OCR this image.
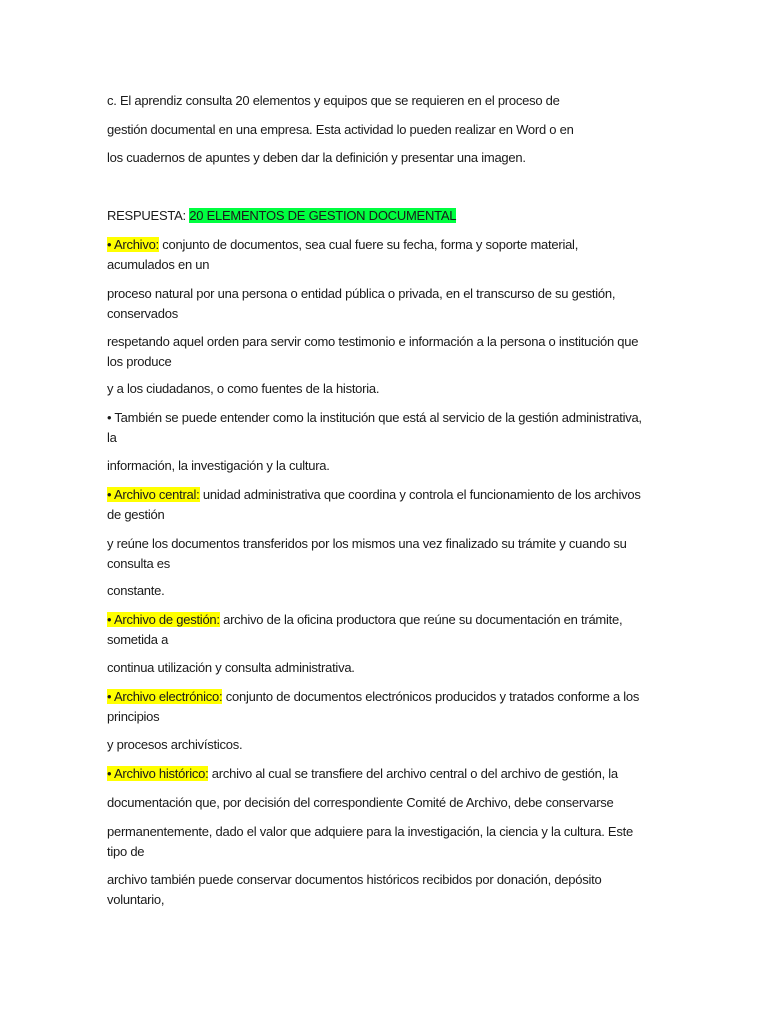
c. El aprendiz consulta 20 elementos y equipos que se requieren en el proceso de
gestión documental en una empresa. Esta actividad lo pueden realizar en Word o en
los cuadernos de apuntes y deben dar la definición y presentar una imagen.
RESPUESTA: 20 ELEMENTOS DE GESTION DOCUMENTAL
• Archivo: conjunto de documentos, sea cual fuere su fecha, forma y soporte material,
acumulados en un
proceso natural por una persona o entidad pública o privada, en el transcurso de su gestión,
conservados
respetando aquel orden para servir como testimonio e información a la persona o institución que
los produce
y a los ciudadanos, o como fuentes de la historia.
• También se puede entender como la institución que está al servicio de la gestión administrativa,
la
información, la investigación y la cultura.
• Archivo central: unidad administrativa que coordina y controla el funcionamiento de los archivos
de gestión
y reúne los documentos transferidos por los mismos una vez finalizado su trámite y cuando su
consulta es
constante.
• Archivo de gestión: archivo de la oficina productora que reúne su documentación en trámite,
sometida a
continua utilización y consulta administrativa.
• Archivo electrónico: conjunto de documentos electrónicos producidos y tratados conforme a los
principios
y procesos archivísticos.
• Archivo histórico: archivo al cual se transfiere del archivo central o del archivo de gestión, la
documentación que, por decisión del correspondiente Comité de Archivo, debe conservarse
permanentemente, dado el valor que adquiere para la investigación, la ciencia y la cultura. Este
tipo de
archivo también puede conservar documentos históricos recibidos por donación, depósito
voluntario,
